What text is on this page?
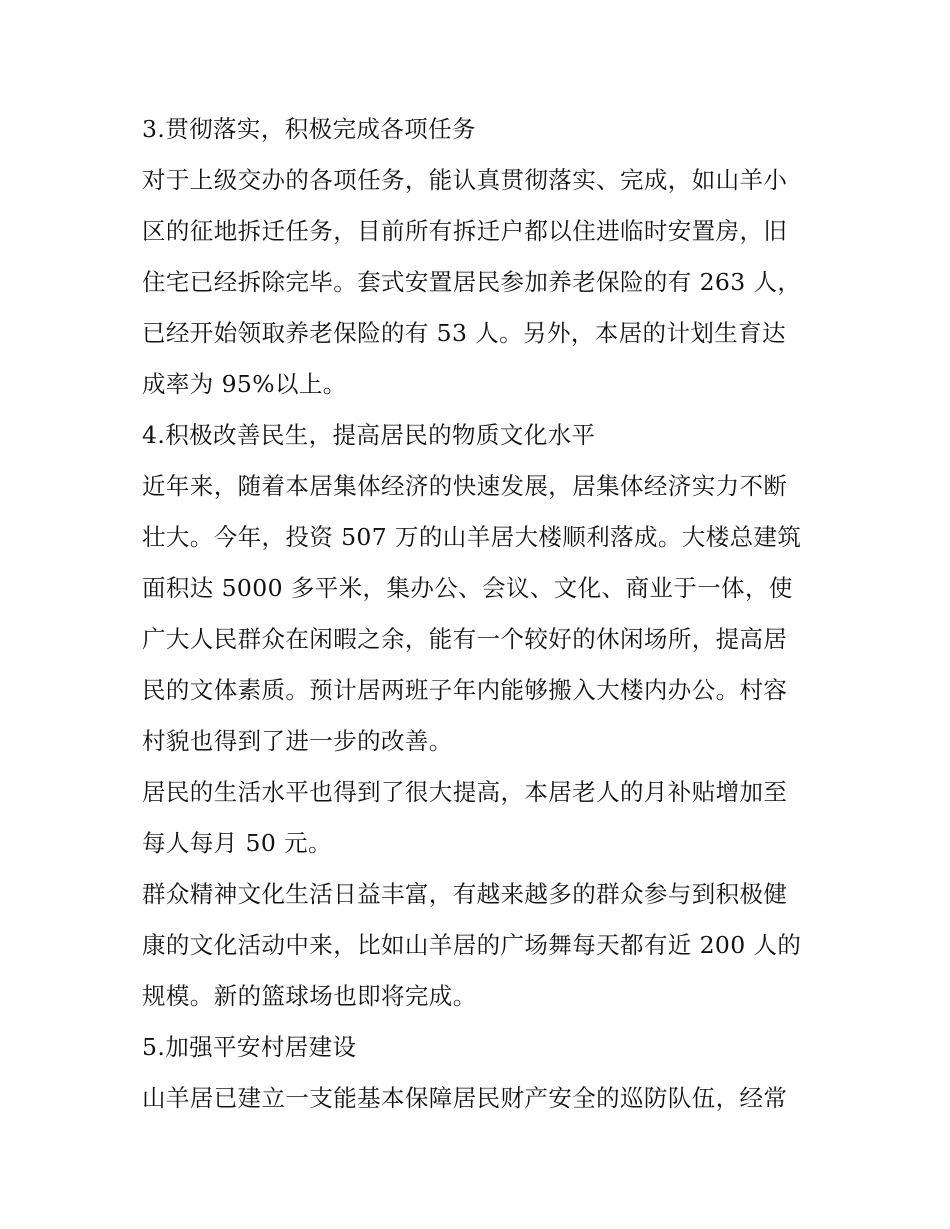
3.贯彻落实，积极完成各项任务
对于上级交办的各项任务，能认真贯彻落实、完成，如山羊小
区的征地拆迁任务，目前所有拆迁户都以住进临时安置房，旧
住宅已经拆除完毕。套式安置居民参加养老保险的有 263 人，
已经开始领取养老保险的有 53 人。另外，本居的计划生育达
成率为 95%以上。
4.积极改善民生，提高居民的物质文化水平
近年来，随着本居集体经济的快速发展，居集体经济实力不断
壮大。今年，投资 507 万的山羊居大楼顺利落成。大楼总建筑
面积达 5000 多平米，集办公、会议、文化、商业于一体，使
广大人民群众在闲暇之余，能有一个较好的休闲场所，提高居
民的文体素质。预计居两班子年内能够搬入大楼内办公。村容
村貌也得到了进一步的改善。
居民的生活水平也得到了很大提高，本居老人的月补贴增加至
每人每月 50 元。
群众精神文化生活日益丰富，有越来越多的群众参与到积极健
康的文化活动中来，比如山羊居的广场舞每天都有近 200 人的
规模。新的篮球场也即将完成。
5.加强平安村居建设
山羊居已建立一支能基本保障居民财产安全的巡防队伍，经常
